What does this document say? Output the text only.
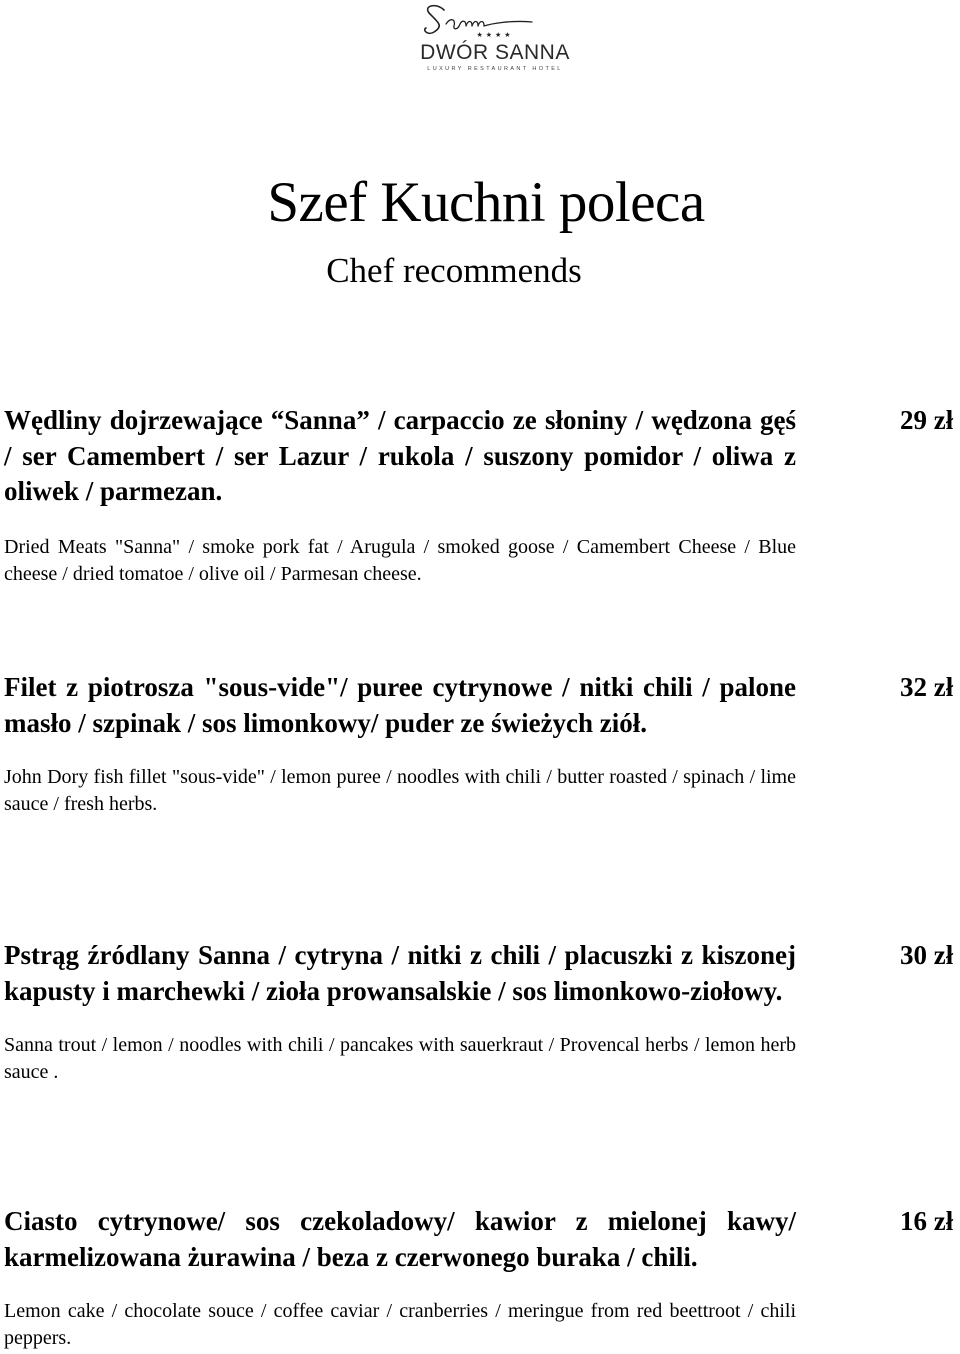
★★★★
DWÓR SANNA
LUXURY RESTAURANT HOTEL
Szef Kuchni poleca
Chef recommends

Wędliny dojrzewające “Sanna” / carpaccio ze słoniny / wędzona gęś / ser Camembert / ser Lazur / rukola / suszony pomidor / oliwa z oliwek / parmezan.

Dried Meats "Sanna" / smoke pork fat / Arugula / smoked goose / Camembert Cheese / Blue cheese / dried tomatoe / olive oil / Parmesan cheese.

29 zł

Filet z piotrosza "sous-vide"/ puree cytrynowe / nitki chili / palone masło / szpinak / sos limonkowy/ puder ze świeżych ziół.

John Dory fish fillet "sous-vide" / lemon puree / noodles with chili / butter roasted / spinach / lime sauce / fresh herbs.

32 zł

Pstrąg źródlany Sanna / cytryna / nitki z chili / placuszki z kiszonej kapusty i marchewki / zioła prowansalskie / sos limonkowo-ziołowy.

Sanna trout / lemon / noodles with chili / pancakes with sauerkraut / Provencal herbs / lemon herb sauce .

30 zł

Ciasto cytrynowe/ sos czekoladowy/ kawior z mielonej kawy/ karmelizowana żurawina / beza z czerwonego buraka / chili.

Lemon cake / chocolate souce / coffee caviar / cranberries / meringue from red beettroot / chili peppers.

16 zł
